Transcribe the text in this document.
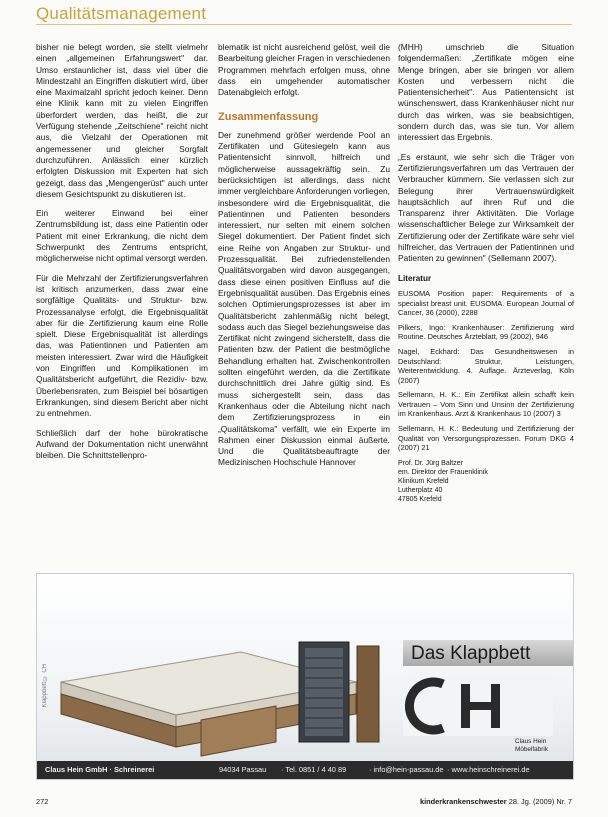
Qualitätsmanagement

bisher nie belegt worden, sie stellt vielmehr einen „allgemeinen Erfahrungswert" dar. Umso erstaunlicher ist, dass viel über die Mindestzahl an Eingriffen diskutiert wird, über eine Maximalzahl spricht jedoch keiner. Denn eine Klinik kann mit zu vielen Eingriffen überfordert werden, das heißt, die zur Verfügung stehende „Zeitschiene" reicht nicht aus, die Vielzahl der Operationen mit angemessener und gleicher Sorgfalt durchzuführen. Anlässlich einer kürzlich erfolgten Diskussion mit Experten hat sich gezeigt, dass das „Mengengerüst" auch unter diesem Gesichtspunkt zu diskutieren ist.

Ein weiterer Einwand bei einer Zentrumsbildung ist, dass eine Patientin oder Patient mit einer Erkrankung, die nicht dem Schwerpunkt des Zentrums entspricht, möglicherweise nicht optimal versorgt werden.

Für die Mehrzahl der Zertifizierungsverfahren ist kritisch anzumerken, dass zwar eine sorgfältige Qualitäts- und Struktur- bzw. Prozessanalyse erfolgt, die Ergebnisqualität aber für die Zertifizierung kaum eine Rolle spielt. Diese Ergebnisqualität ist allerdings das, was Patientinnen und Patienten am meisten interessiert. Zwar wird die Häufigkeit von Eingriffen und Komplikationen im Qualitätsbericht aufgeführt, die Rezidiv- bzw. Überlebensraten, zum Beispiel bei bösartigen Erkrankungen, sind diesem Bericht aber nicht zu entnehmen.

Schließlich darf der hohe bürokratische Aufwand der Dokumentation nicht unerwähnt bleiben. Die Schnittstellenpro-

blematik ist nicht ausreichend gelöst, weil die Bearbeitung gleicher Fragen in verschiedenen Programmen mehrfach erfolgen muss, ohne dass ein umgehender automatischer Datenabgleich erfolgt.

Zusammenfassung

Der zunehmend größer werdende Pool an Zertifikaten und Gütesiegeln kann aus Patientensicht sinnvoll, hilfreich und möglicherweise aussagekräftig sein. Zu berücksichtigen ist allerdings, dass nicht immer vergleichbare Anforderungen vorliegen, insbesondere wird die Ergebnisqualität, die Patientinnen und Patienten besonders interessiert, nur selten mit einem solchen Siegel dokumentiert. Der Patient findet sich eine Reihe von Angaben zur Struktur- und Prozessqualität. Bei zufriedenstellenden Qualitätsvorgaben wird davon ausgegangen, dass diese einen positiven Einfluss auf die Ergebnisqualität ausüben. Das Ergebnis eines solchen Optimierungsprozesses ist aber im Qualitätsbericht zahlenmäßig nicht belegt, sodass auch das Siegel beziehungsweise das Zertifikat nicht zwingend sicherstellt, dass die Patienten bzw. der Patient die bestmögliche Behandlung erhalten hat. Zwischenkontrollen sollten eingeführt werden, da die Zertifikate durchschnittlich drei Jahre gültig sind. Es muss sichergestellt sein, dass das Krankenhaus oder die Abteilung nicht nach dem Zertifizierungsprozess in ein „Qualitätskoma" verfällt, wie ein Experte im Rahmen einer Diskussion einmal äußerte. Und die Qualitätsbeauftragte der Medizinischen Hochschule Hannover

(MHH) umschrieb die Situation folgendermaßen: „Zertifikate mögen eine Menge bringen, aber sie bringen vor allem Kosten und verbessern nicht die Patientensicherheit". Aus Patientensicht ist wünschenswert, dass Krankenhäuser nicht nur durch das wirken, was sie beabsichtigen, sondern durch das, was sie tun. Vor allem interessiert das Ergebnis.

„Es erstaunt, wie sehr sich die Träger von Zertifizierungsverfahren um das Vertrauen der Verbraucher kümmern. Sie verlassen sich zur Belegung ihrer Vertrauenswürdigkeit hauptsächlich auf ihren Ruf und die Transparenz ihrer Aktivitäten. Die Vorlage wissenschaftlicher Belege zur Wirksamkeit der Zertifizierung oder der Zertifikate wäre sehr viel hilfreicher, das Vertrauen der Patientinnen und Patienten zu gewinnen" (Sellemann 2007).

Literatur
EUSOMA Position paper: Requirements of a specialist breast unit. EUSOMA. European Journal of Cancer, 36 (2000), 2288
Pilkers, Ingo: Krankenhäuser: Zertifizierung wird Routine. Deutsches Ärzteblatt, 99 (2002), 946
Nagel, Eckhard: Das Gesundheitswesen in Deutschland: Struktur, Leistungen, Weiterentwicklung. 4. Auflage. Ärzteverlag, Köln (2007)
Sellemann, H. K.: Ein Zertifikat allein schafft kein Vertrauen – Vom Sinn und Unsinn der Zertifizierung im Krankenhaus. Arzt & Krankenhaus 10 (2007) 3
Sellemann, H. K.: Bedeutung und Zertifizierung der Qualität von Versorgungsprozessen. Forum DKG 4 (2007) 21
Prof. Dr. Jürg Baltzer
em. Direktor der Frauenklinik
Klinikum Krefeld
Lutherplatz 40
47805 Krefeld
Klappbett © CH
Das Klappbett
Claus Hein
Möbelfabrik
Claus Hein GmbH · Schreinerei	94034 Passau · Tel. 0851 / 4 40 89	· info@hein-passau.de · www.heinschreinerei.de
272	kinderkrankenschwester 28. Jg. (2009) Nr. 7
